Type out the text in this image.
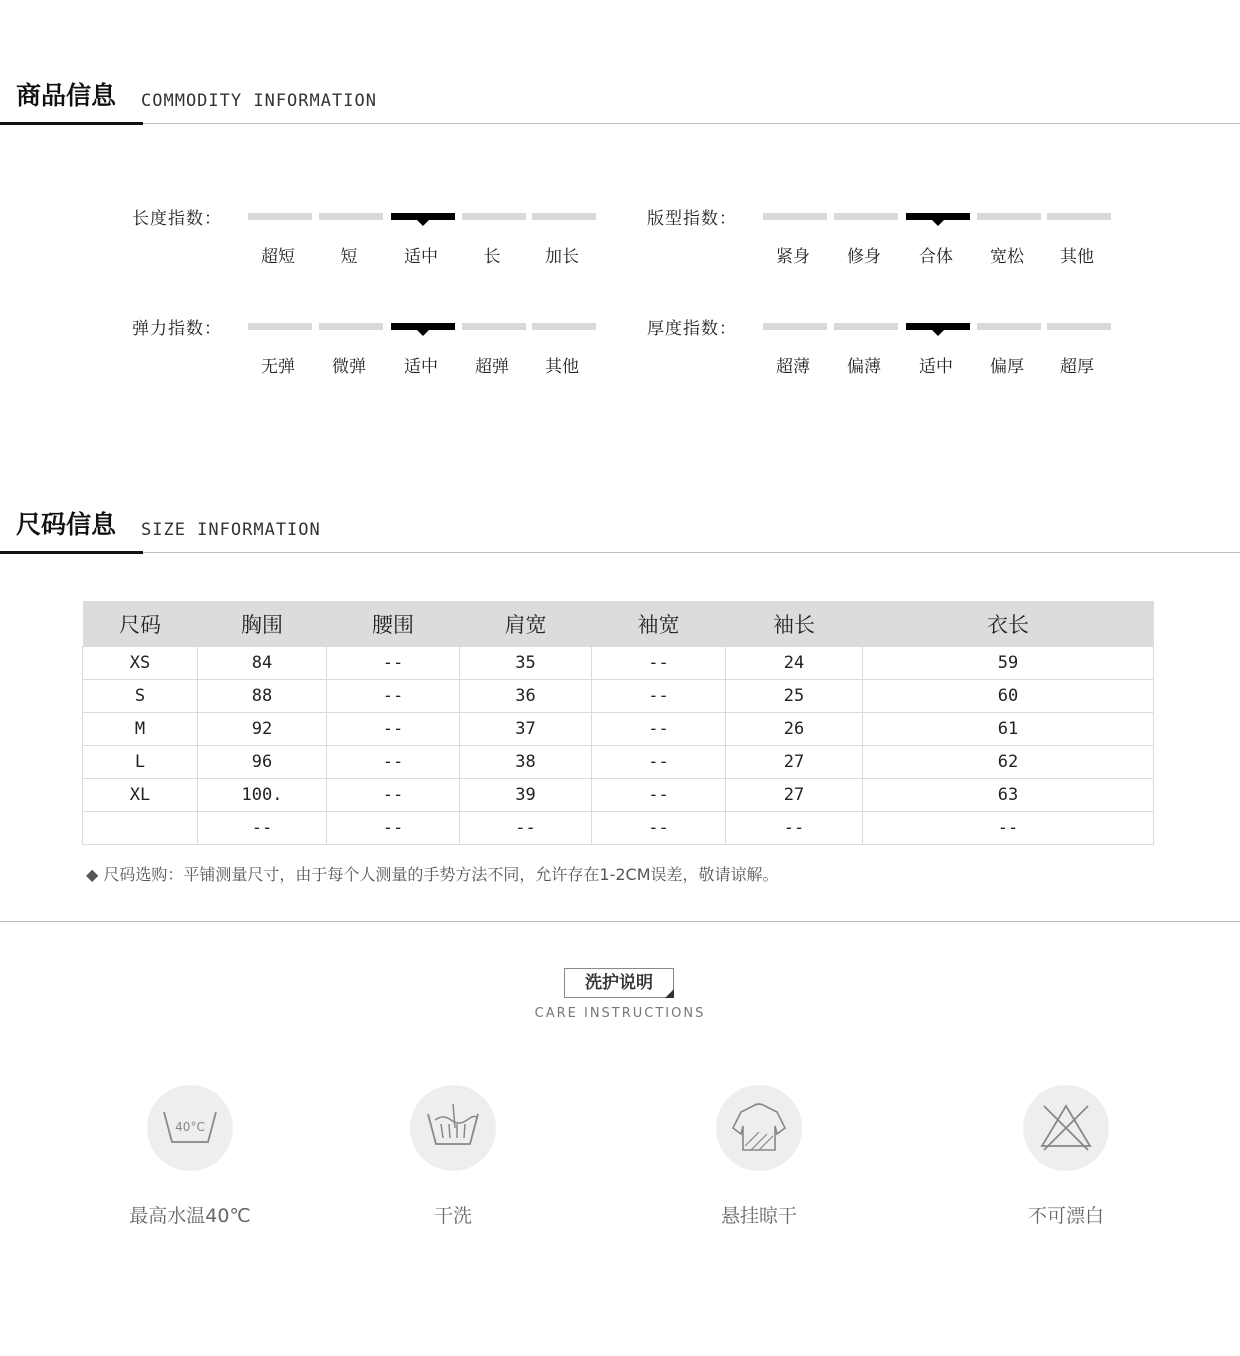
商品信息 COMMODITY INFORMATION
长度指数：
超短	短	适中	长	加长
版型指数：
紧身	修身	合体	宽松	其他
弹力指数：
无弹	微弹	适中	超弹	其他
厚度指数：
超薄	偏薄	适中	偏厚	超厚
尺码信息 SIZE INFORMATION
尺码	胸围	腰围	肩宽	袖宽	袖长	衣长
XS	84	--	35	--	24	59
S	88	--	36	--	25	60
M	92	--	37	--	26	61
L	96	--	38	--	27	62
XL	100.	--	39	--	27	63
	--	--	--	--	--	--
◆ 尺码选购：平铺测量尺寸，由于每个人测量的手势方法不同，允许存在1-2CM误差，敬请谅解。
洗护说明
CARE INSTRUCTIONS
40°C
最高水温40℃	干洗	悬挂晾干	不可漂白
